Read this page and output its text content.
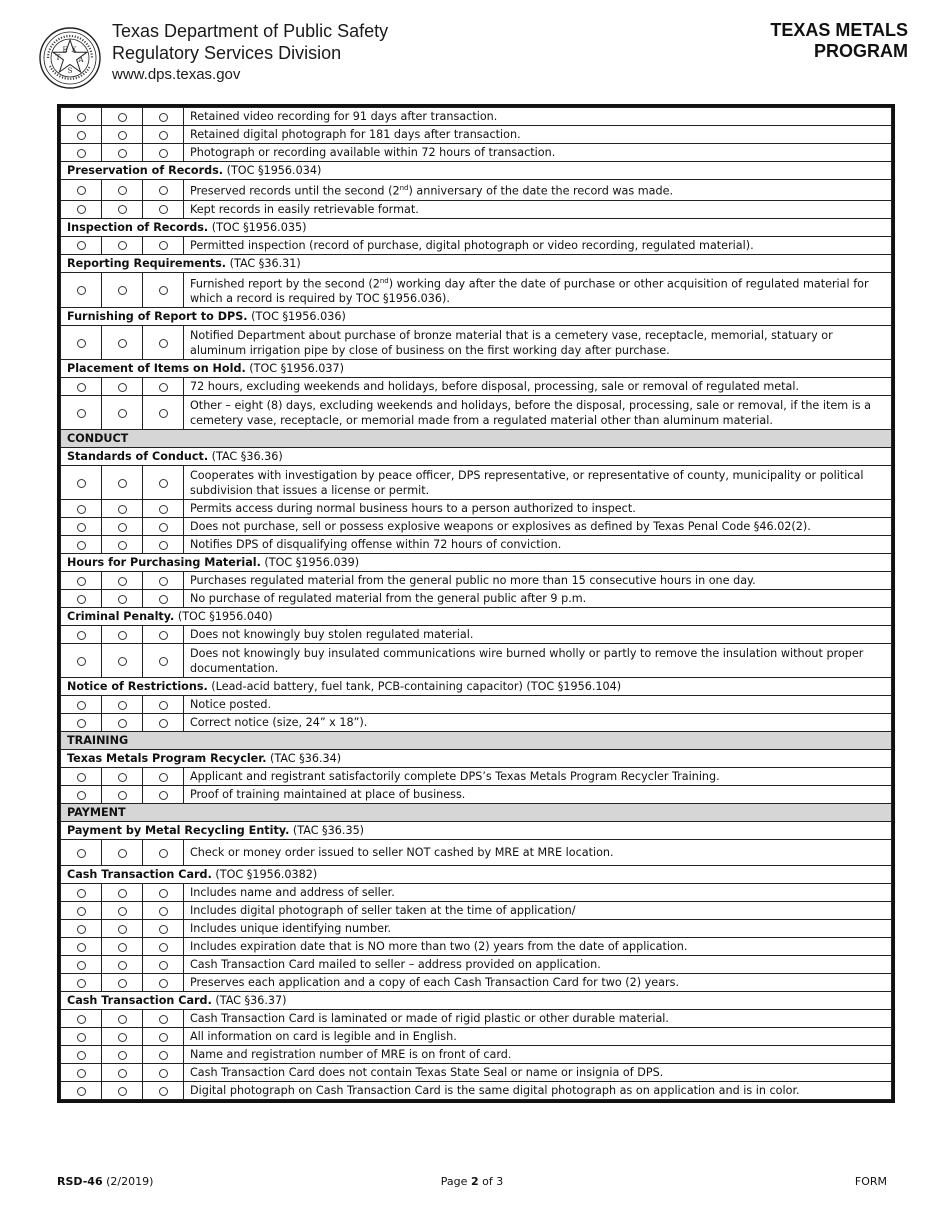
T
E X
A
S
Texas Department of Public Safety
Regulatory Services Division
www.dps.texas.gov
TEXAS METALS
PROGRAM
			Retained video recording for 91 days after transaction.
			Retained digital photograph for 181 days after transaction.
			Photograph or recording available within 72 hours of transaction.
Preservation of Records. (TOC §1956.034)			
			Preserved records until the second (2nd) anniversary of the date the record was made.
			Kept records in easily retrievable format.
Inspection of Records. (TOC §1956.035)			
			Permitted inspection (record of purchase, digital photograph or video recording, regulated material).
Reporting Requirements. (TAC §36.31)			
			Furnished report by the second (2nd) working day after the date of purchase or other acquisition of regulated material for which a record is required by TOC §1956.036).
Furnishing of Report to DPS. (TOC §1956.036)			
			Notified Department about purchase of bronze material that is a cemetery vase, receptacle, memorial, statuary or aluminum irrigation pipe by close of business on the first working day after purchase.
Placement of Items on Hold. (TOC §1956.037)			
			72 hours, excluding weekends and holidays, before disposal, processing, sale or removal of regulated metal.
			Other – eight (8) days, excluding weekends and holidays, before the disposal, processing, sale or removal, if the item is a cemetery vase, receptacle, or memorial made from a regulated material other than aluminum material.
CONDUCT			
Standards of Conduct. (TAC §36.36)			
			Cooperates with investigation by peace officer, DPS representative, or representative of county, municipality or political subdivision that issues a license or permit.
			Permits access during normal business hours to a person authorized to inspect.
			Does not purchase, sell or possess explosive weapons or explosives as defined by Texas Penal Code §46.02(2).
			Notifies DPS of disqualifying offense within 72 hours of conviction.
Hours for Purchasing Material. (TOC §1956.039)			
			Purchases regulated material from the general public no more than 15 consecutive hours in one day.
			No purchase of regulated material from the general public after 9 p.m.
Criminal Penalty. (TOC §1956.040)			
			Does not knowingly buy stolen regulated material.
			Does not knowingly buy insulated communications wire burned wholly or partly to remove the insulation without proper documentation.
Notice of Restrictions. (Lead-acid battery, fuel tank, PCB-containing capacitor) (TOC §1956.104)			
			Notice posted.
			Correct notice (size, 24” x 18”).
TRAINING			
Texas Metals Program Recycler. (TAC §36.34)			
			Applicant and registrant satisfactorily complete DPS’s Texas Metals Program Recycler Training.
			Proof of training maintained at place of business.
PAYMENT			
Payment by Metal Recycling Entity. (TAC §36.35)			
			Check or money order issued to seller NOT cashed by MRE at MRE location.
Cash Transaction Card. (TOC §1956.0382)			
			Includes name and address of seller.
			Includes digital photograph of seller taken at the time of application/
			Includes unique identifying number.
			Includes expiration date that is NO more than two (2) years from the date of application.
			Cash Transaction Card mailed to seller – address provided on application.
			Preserves each application and a copy of each Cash Transaction Card for two (2) years.
Cash Transaction Card. (TAC §36.37)			
			Cash Transaction Card is laminated or made of rigid plastic or other durable material.
			All information on card is legible and in English.
			Name and registration number of MRE is on front of card.
			Cash Transaction Card does not contain Texas State Seal or name or insignia of DPS.
			Digital photograph on Cash Transaction Card is the same digital photograph as on application and is in color.
RSD-46 (2/2019)	Page 2 of 3	FORM
